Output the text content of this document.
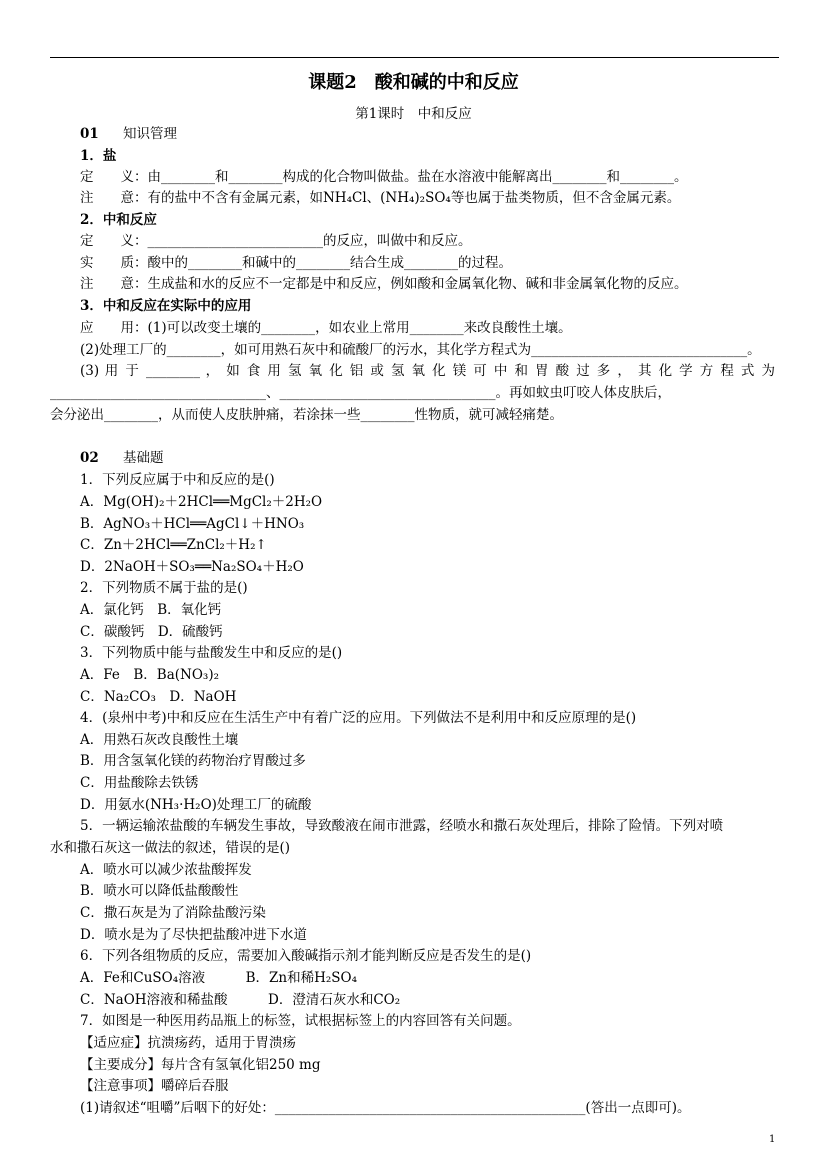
课题2　酸和碱的中和反应
第1课时　中和反应
01 知识管理
1．盐
定　　义：由________和________构成的化合物叫做盐。盐在水溶液中能解离出________和________。
注　　意：有的盐中不含有金属元素，如NH₄Cl、(NH₄)₂SO₄等也属于盐类物质，但不含金属元素。
2．中和反应
定　　义：__________________________的反应，叫做中和反应。
实　　质：酸中的________和碱中的________结合生成________的过程。
注　　意：生成盐和水的反应不一定都是中和反应，例如酸和金属氧化物、碱和非金属氧化物的反应。
3．中和反应在实际中的应用
应　　用：(1)可以改变土壤的________，如农业上常用________来改良酸性土壤。
(2)处理工厂的________，如可用熟石灰中和硫酸厂的污水，其化学方程式为________________________________。
(3) 用 于 ________ ， 如 食 用 氢 氧 化 铝 或 氢 氧 化 镁 可 中 和 胃 酸 过 多 ， 其 化 学 方 程 式 为
________________________________、________________________________。再如蚊虫叮咬人体皮肤后，
会分泌出________，从而使人皮肤肿痛，若涂抹一些________性物质，就可减轻痛楚。
02 基础题
1．下列反应属于中和反应的是()
A．Mg(OH)₂＋2HCl══MgCl₂＋2H₂O
B．AgNO₃＋HCl══AgCl↓＋HNO₃
C．Zn＋2HCl══ZnCl₂＋H₂↑
D．2NaOH＋SO₃══Na₂SO₄＋H₂O
2．下列物质不属于盐的是()
A．氯化钙　B．氧化钙
C．碳酸钙　D．硫酸钙
3．下列物质中能与盐酸发生中和反应的是()
A．Fe　B．Ba(NO₃)₂
C．Na₂CO₃　D．NaOH
4．(泉州中考)中和反应在生活生产中有着广泛的应用。下列做法不是利用中和反应原理的是()
A．用熟石灰改良酸性土壤
B．用含氢氧化镁的药物治疗胃酸过多
C．用盐酸除去铁锈
D．用氨水(NH₃·H₂O)处理工厂的硫酸
5．一辆运输浓盐酸的车辆发生事故，导致酸液在闹市泄露，经喷水和撒石灰处理后，排除了险情。下列对喷
水和撒石灰这一做法的叙述，错误的是()
A．喷水可以减少浓盐酸挥发
B．喷水可以降低盐酸酸性
C．撒石灰是为了消除盐酸污染
D．喷水是为了尽快把盐酸冲进下水道
6．下列各组物质的反应，需要加入酸碱指示剂才能判断反应是否发生的是()
A．Fe和CuSO₄溶液　　　B．Zn和稀H₂SO₄
C．NaOH溶液和稀盐酸　　　D．澄清石灰水和CO₂
7．如图是一种医用药品瓶上的标签，试根据标签上的内容回答有关问题。
【适应症】抗溃疡药，适用于胃溃疡
【主要成分】每片含有氢氧化铝250 mg
【注意事项】嚼碎后吞服
(1)请叙述“咀嚼”后咽下的好处：______________________________________________(答出一点即可)。
1
